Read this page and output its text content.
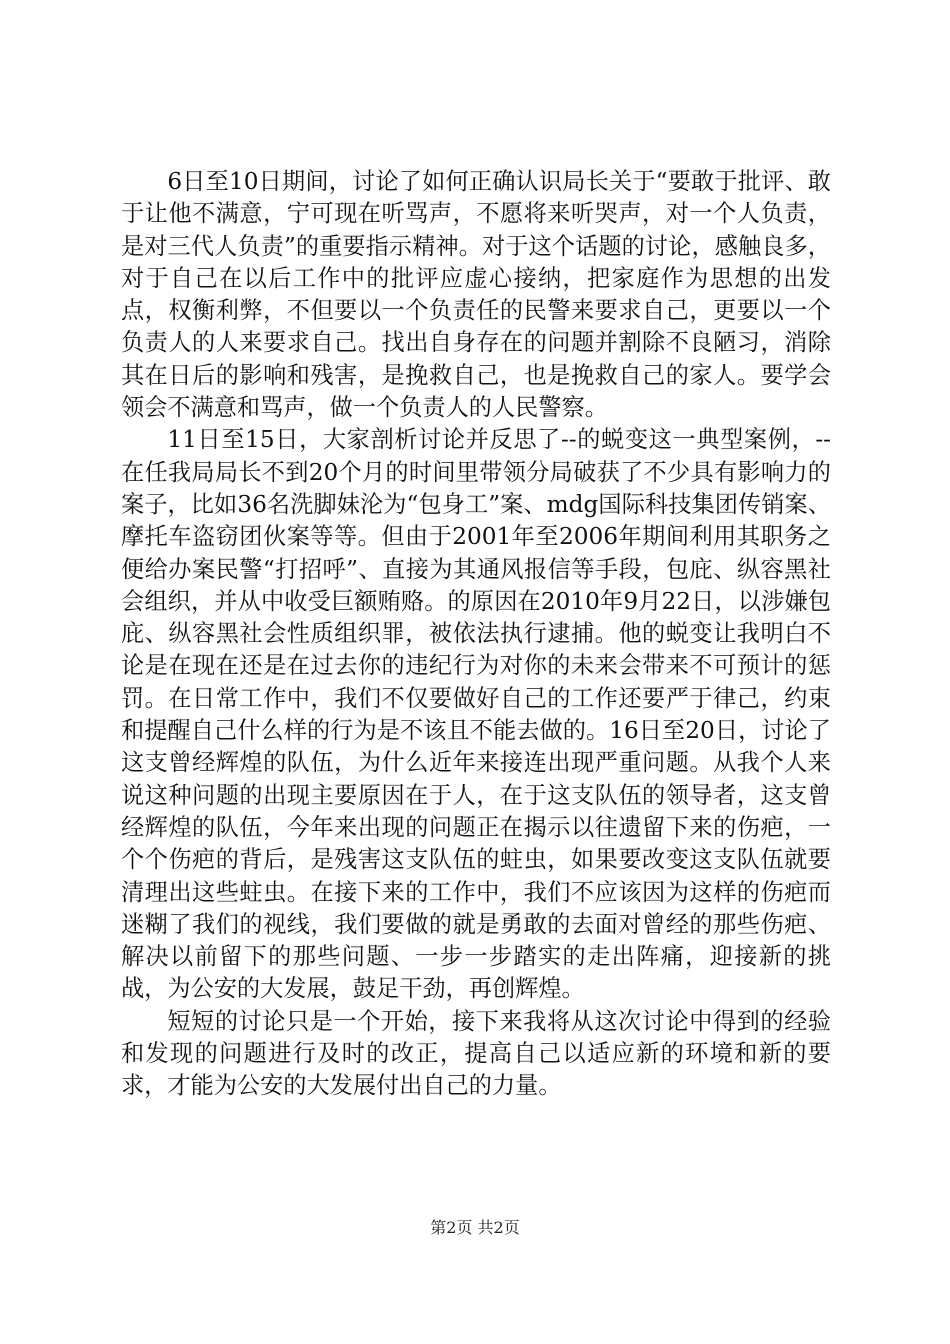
6日至10日期间，讨论了如何正确认识局长关于“要敢于批评、敢于让他不满意，宁可现在听骂声，不愿将来听哭声，对一个人负责，是对三代人负责”的重要指示精神。对于这个话题的讨论，感触良多，对于自己在以后工作中的批评应虚心接纳，把家庭作为思想的出发点，权衡利弊，不但要以一个负责任的民警来要求自己，更要以一个负责人的人来要求自己。找出自身存在的问题并割除不良陋习，消除其在日后的影响和残害，是挽救自己，也是挽救自己的家人。要学会领会不满意和骂声，做一个负责人的人民警察。

11日至15日，大家剖析讨论并反思了--的蜕变这一典型案例，--在任我局局长不到20个月的时间里带领分局破获了不少具有影响力的案子，比如36名洗脚妹沦为“包身工”案、mdg国际科技集团传销案、摩托车盗窃团伙案等等。但由于2001年至2006年期间利用其职务之便给办案民警“打招呼”、直接为其通风报信等手段，包庇、纵容黑社会组织，并从中收受巨额贿赂。的原因在2010年9月22日，以涉嫌包庇、纵容黑社会性质组织罪，被依法执行逮捕。他的蜕变让我明白不论是在现在还是在过去你的违纪行为对你的未来会带来不可预计的惩罚。在日常工作中，我们不仅要做好自己的工作还要严于律己，约束和提醒自己什么样的行为是不该且不能去做的。16日至20日，讨论了这支曾经辉煌的队伍，为什么近年来接连出现严重问题。从我个人来说这种问题的出现主要原因在于人，在于这支队伍的领导者，这支曾经辉煌的队伍，今年来出现的问题正在揭示以往遗留下来的伤疤，一个个伤疤的背后，是残害这支队伍的蛀虫，如果要改变这支队伍就要清理出这些蛀虫。在接下来的工作中，我们不应该因为这样的伤疤而迷糊了我们的视线，我们要做的就是勇敢的去面对曾经的那些伤疤、解决以前留下的那些问题、一步一步踏实的走出阵痛，迎接新的挑战，为公安的大发展，鼓足干劲，再创辉煌。

短短的讨论只是一个开始，接下来我将从这次讨论中得到的经验和发现的问题进行及时的改正，提高自己以适应新的环境和新的要求，才能为公安的大发展付出自己的力量。

第2页 共2页
